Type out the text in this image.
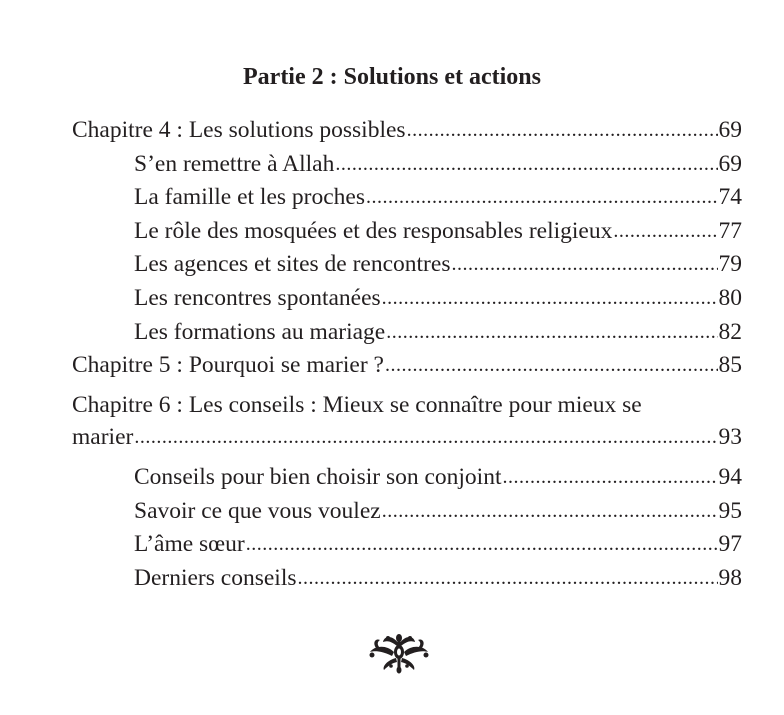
Partie 2 : Solutions et actions
Chapitre 4 : Les solutions possibles .....	69
S’en remettre à Allah .....	69
La famille et les proches .....	74
Le rôle des mosquées et des responsables religieux .....	77
Les agences et sites de rencontres .....	79
Les rencontres spontanées .....	80
Les formations au mariage .....	82
Chapitre 5 : Pourquoi se marier ? .....	85
Chapitre 6 : Les conseils : Mieux se connaître pour mieux se
marier .....	93
Conseils pour bien choisir son conjoint .....	94
Savoir ce que vous voulez .....	95
L’âme sœur .....	97
Derniers conseils .....	98
